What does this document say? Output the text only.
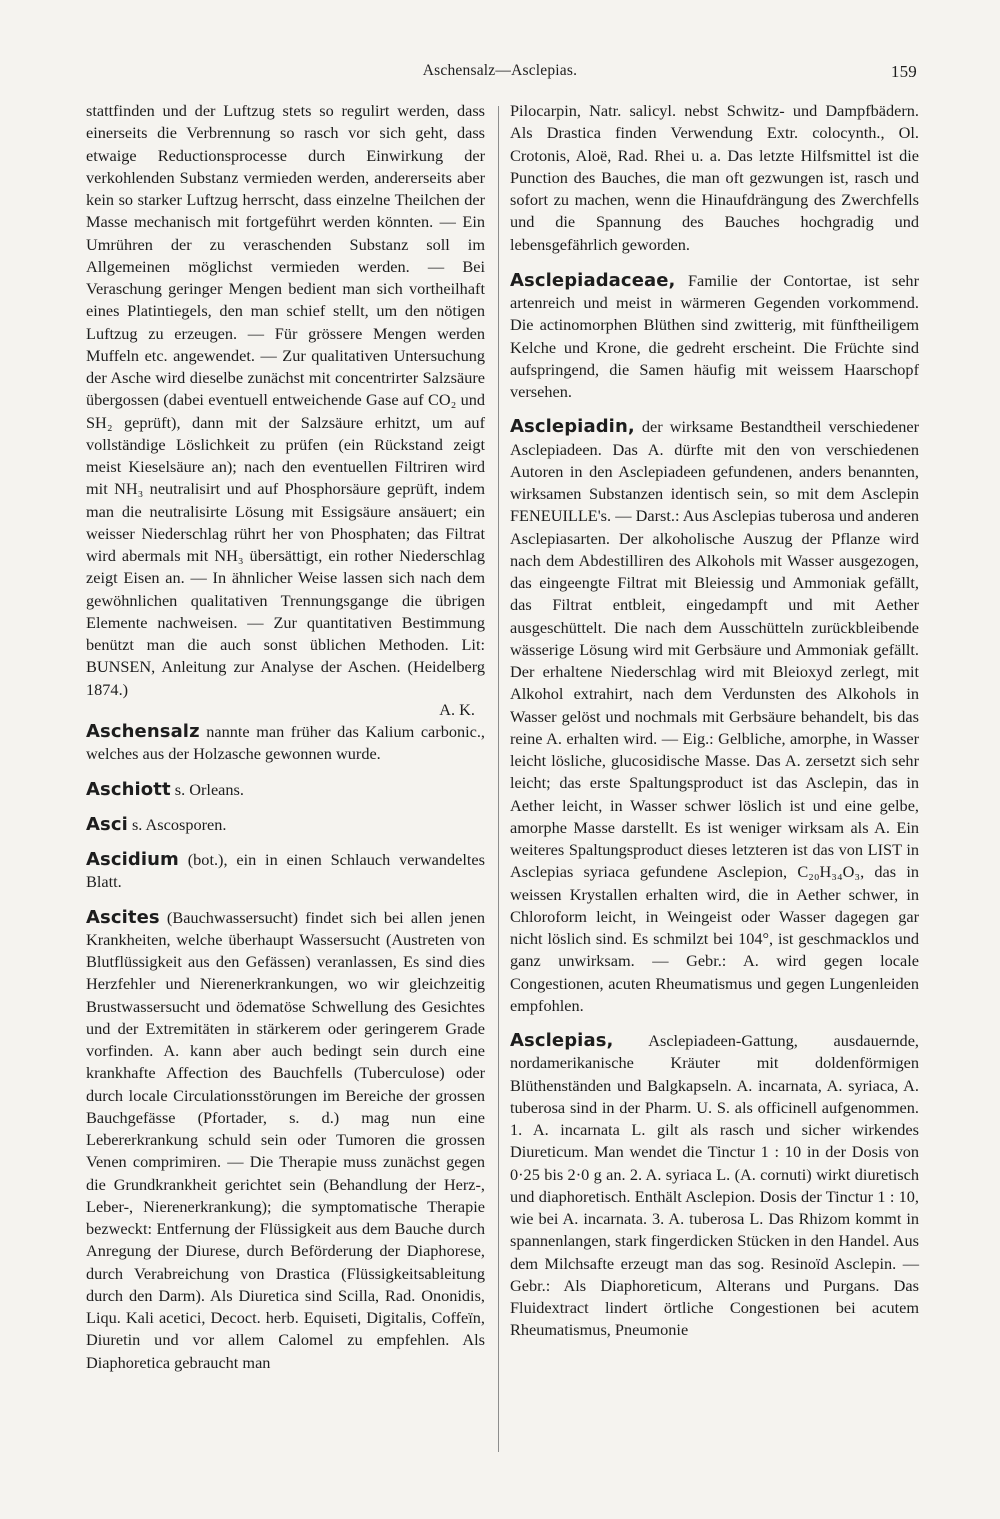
Aschensalz—Asclepias.	159

stattfinden und der Luftzug stets so regulirt werden, dass einerseits die Verbrennung so rasch vor sich geht, dass etwaige Reductionsprocesse durch Einwirkung der verkohlenden Substanz vermieden werden, andererseits aber kein so starker Luftzug herrscht, dass einzelne Theilchen der Masse mechanisch mit fortgeführt werden könnten. — Ein Umrühren der zu veraschenden Substanz soll im Allgemeinen möglichst vermieden werden. — Bei Veraschung geringer Mengen bedient man sich vortheilhaft eines Platintiegels, den man schief stellt, um den nötigen Luftzug zu erzeugen. — Für grössere Mengen werden Muffeln etc. angewendet. — Zur qualitativen Untersuchung der Asche wird dieselbe zunächst mit concentrirter Salzsäure übergossen (dabei eventuell entweichende Gase auf CO₂ und SH₂ geprüft), dann mit der Salzsäure erhitzt, um auf vollständige Löslichkeit zu prüfen (ein Rückstand zeigt meist Kieselsäure an); nach den eventuellen Filtriren wird mit NH₃ neutralisirt und auf Phosphorsäure geprüft, indem man die neutralisirte Lösung mit Essigsäure ansäuert; ein weisser Niederschlag rührt her von Phosphaten; das Filtrat wird abermals mit NH₃ übersättigt, ein rother Niederschlag zeigt Eisen an. — In ähnlicher Weise lassen sich nach dem gewöhnlichen qualitativen Trennungsgange die übrigen Elemente nachweisen. — Zur quantitativen Bestimmung benützt man die auch sonst üblichen Methoden. Lit: BUNSEN, Anleitung zur Analyse der Aschen. (Heidelberg 1874.)

A. K.
Aschensalz nannte man früher das Kalium carbonic., welches aus der Holzasche gewonnen wurde.
Aschiott s. Orleans.
Asci s. Ascosporen.
Ascidium (bot.), ein in einen Schlauch verwandeltes Blatt.
Ascites (Bauchwassersucht) findet sich bei allen jenen Krankheiten, welche überhaupt Wassersucht (Austreten von Blutflüssigkeit aus den Gefässen) veranlassen, Es sind dies Herzfehler und Nierenerkrankungen, wo wir gleichzeitig Brustwassersucht und ödematöse Schwellung des Gesichtes und der Extremitäten in stärkerem oder geringerem Grade vorfinden. A. kann aber auch bedingt sein durch eine krankhafte Affection des Bauchfells (Tuberculose) oder durch locale Circulationsstörungen im Bereiche der grossen Bauchgefässe (Pfortader, s. d.) mag nun eine Lebererkrankung schuld sein oder Tumoren die grossen Venen comprimiren. — Die Therapie muss zunächst gegen die Grundkrankheit gerichtet sein (Behandlung der Herz-, Leber-, Nierenerkrankung); die symptomatische Therapie bezweckt: Entfernung der Flüssigkeit aus dem Bauche durch Anregung der Diurese, durch Beförderung der Diaphorese, durch Verabreichung von Drastica (Flüssigkeitsableitung durch den Darm). Als Diuretica sind Scilla, Rad. Ononidis, Liqu. Kali acetici, Decoct. herb. Equiseti, Digitalis, Coffeïn, Diuretin und vor allem Calomel zu empfehlen. Als Diaphoretica gebraucht man

Pilocarpin, Natr. salicyl. nebst Schwitz- und Dampfbädern. Als Drastica finden Verwendung Extr. colocynth., Ol. Crotonis, Aloë, Rad. Rhei u. a. Das letzte Hilfsmittel ist die Punction des Bauches, die man oft gezwungen ist, rasch und sofort zu machen, wenn die Hinaufdrängung des Zwerchfells und die Spannung des Bauches hochgradig und lebensgefährlich geworden.

Asclepiadaceae, Familie der Contortae, ist sehr artenreich und meist in wärmeren Gegenden vorkommend. Die actinomorphen Blüthen sind zwitterig, mit fünftheiligem Kelche und Krone, die gedreht erscheint. Die Früchte sind aufspringend, die Samen häufig mit weissem Haarschopf versehen.
Asclepiadin, der wirksame Bestandtheil verschiedener Asclepiadeen. Das A. dürfte mit den von verschiedenen Autoren in den Asclepiadeen gefundenen, anders benannten, wirksamen Substanzen identisch sein, so mit dem Asclepin FENEUILLE's. — Darst.: Aus Asclepias tuberosa und anderen Asclepiasarten. Der alkoholische Auszug der Pflanze wird nach dem Abdestilliren des Alkohols mit Wasser ausgezogen, das eingeengte Filtrat mit Bleiessig und Ammoniak gefällt, das Filtrat entbleit, eingedampft und mit Aether ausgeschüttelt. Die nach dem Ausschütteln zurückbleibende wässerige Lösung wird mit Gerbsäure und Ammoniak gefällt. Der erhaltene Niederschlag wird mit Bleioxyd zerlegt, mit Alkohol extrahirt, nach dem Verdunsten des Alkohols in Wasser gelöst und nochmals mit Gerbsäure behandelt, bis das reine A. erhalten wird. — Eig.: Gelbliche, amorphe, in Wasser leicht lösliche, glucosidische Masse. Das A. zersetzt sich sehr leicht; das erste Spaltungsproduct ist das Asclepin, das in Aether leicht, in Wasser schwer löslich ist und eine gelbe, amorphe Masse darstellt. Es ist weniger wirksam als A. Ein weiteres Spaltungsproduct dieses letzteren ist das von LIST in Asclepias syriaca gefundene Asclepion, C₂₀H₃₄O₃, das in weissen Krystallen erhalten wird, die in Aether schwer, in Chloroform leicht, in Weingeist oder Wasser dagegen gar nicht löslich sind. Es schmilzt bei 104°, ist geschmacklos und ganz unwirksam. — Gebr.: A. wird gegen locale Congestionen, acuten Rheumatismus und gegen Lungenleiden empfohlen.
Asclepias, Asclepiadeen-Gattung, ausdauernde, nordamerikanische Kräuter mit doldenförmigen Blüthenständen und Balgkapseln. A. incarnata, A. syriaca, A. tuberosa sind in der Pharm. U. S. als officinell aufgenommen. 1. A. incarnata L. gilt als rasch und sicher wirkendes Diureticum. Man wendet die Tinctur 1 : 10 in der Dosis von 0·25 bis 2·0 g an. 2. A. syriaca L. (A. cornuti) wirkt diuretisch und diaphoretisch. Enthält Asclepion. Dosis der Tinctur 1 : 10, wie bei A. incarnata. 3. A. tuberosa L. Das Rhizom kommt in spannenlangen, stark fingerdicken Stücken in den Handel. Aus dem Milchsafte erzeugt man das sog. Resinoïd Asclepin. — Gebr.: Als Diaphoreticum, Alterans und Purgans. Das Fluidextract lindert örtliche Congestionen bei acutem Rheumatismus, Pneumonie
